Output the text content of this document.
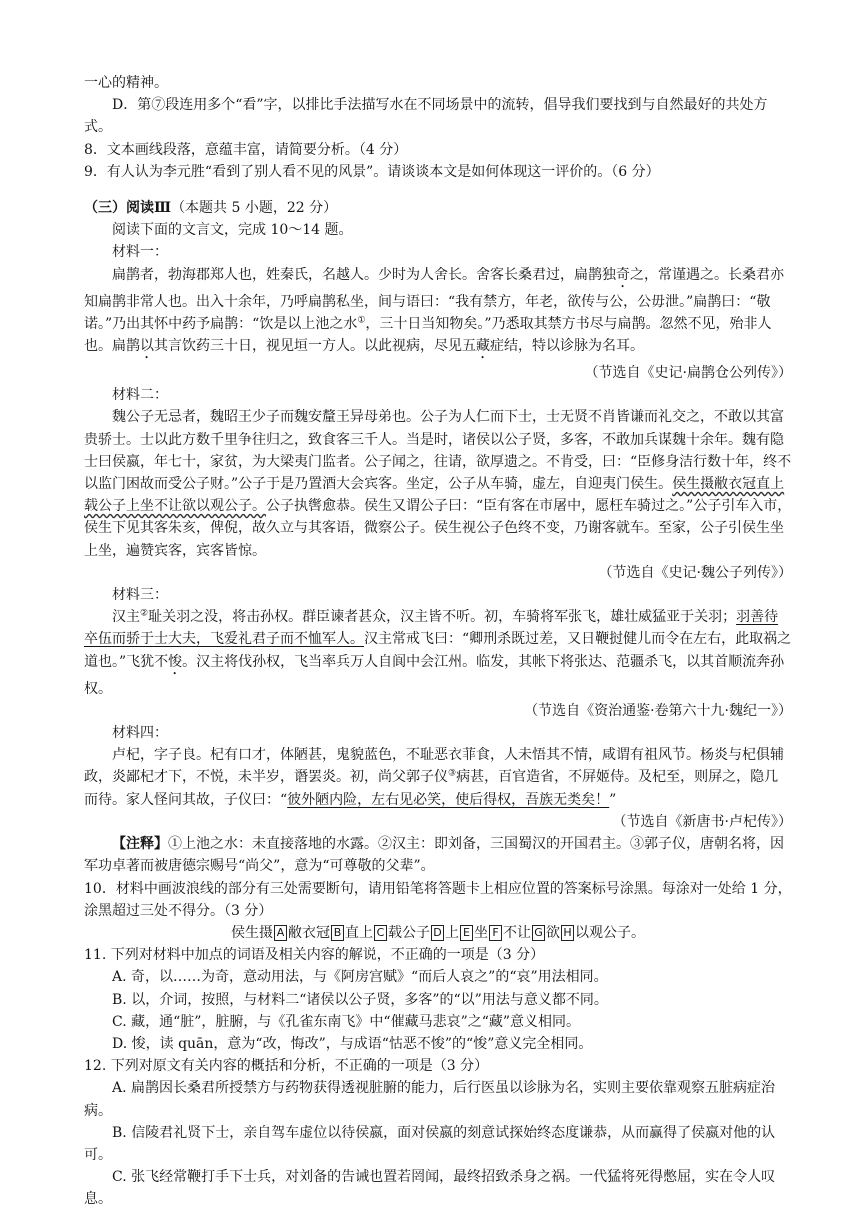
一心的精神。

D．第⑦段连用多个“看”字，以排比手法描写水在不同场景中的流转，倡导我们要找到与自然最好的共处方式。

8．文本画线段落，意蕴丰富，请简要分析。（4 分）

9．有人认为李元胜“看到了别人看不见的风景”。请谈谈本文是如何体现这一评价的。（6 分）

（三）阅读Ⅲ（本题共 5 小题，22 分）

阅读下面的文言文，完成 10～14 题。

材料一：

扁鹊者，勃海郡郑人也，姓秦氏，名越人。少时为人舍长。舍客长桑君过，扁鹊独奇之，常谨遇之。长桑君亦知扁鹊非常人也。出入十余年，乃呼扁鹊私坐，间与语曰：“我有禁方，年老，欲传与公，公毋泄。”扁鹊曰：“敬诺。”乃出其怀中药予扁鹊：“饮是以上池之水①，三十日当知物矣。”乃悉取其禁方书尽与扁鹊。忽然不见，殆非人也。扁鹊以其言饮药三十日，视见垣一方人。以此视病，尽见五藏症结，特以诊脉为名耳。

（节选自《史记·扁鹊仓公列传》）

材料二：

魏公子无忌者，魏昭王少子而魏安釐王异母弟也。公子为人仁而下士，士无贤不肖皆谦而礼交之，不敢以其富贵骄士。士以此方数千里争往归之，致食客三千人。当是时，诸侯以公子贤，多客，不敢加兵谋魏十余年。魏有隐士曰侯嬴，年七十，家贫，为大梁夷门监者。公子闻之，往请，欲厚遗之。不肯受，曰：“臣修身洁行数十年，终不以监门困故而受公子财。”公子于是乃置酒大会宾客。坐定，公子从车骑，虚左，自迎夷门侯生。侯生摄敝衣冠直上载公子上坐不让欲以观公子。公子执辔愈恭。侯生又谓公子曰：“臣有客在市屠中，愿枉车骑过之。”公子引车入市，侯生下见其客朱亥，俾倪，故久立与其客语，微察公子。侯生视公子色终不变，乃谢客就车。至家，公子引侯生坐上坐，遍赞宾客，宾客皆惊。

（节选自《史记·魏公子列传》）

材料三：

汉主②耻关羽之没，将击孙权。群臣谏者甚众，汉主皆不听。初，车骑将军张飞，雄壮威猛亚于关羽；羽善待卒伍而骄于士大夫，飞爱礼君子而不恤军人。汉主常戒飞曰：“卿刑杀既过差，又日鞭挝健儿而令在左右，此取祸之道也。”飞犹不悛。汉主将伐孙权，飞当率兵万人自阆中会江州。临发，其帐下将张达、范疆杀飞，以其首顺流奔孙权。

（节选自《资治通鉴·卷第六十九·魏纪一》）

材料四：

卢杞，字子良。杞有口才，体陋甚，鬼貌蓝色，不耻恶衣菲食，人未悟其不情，咸谓有祖风节。杨炎与杞俱辅政，炎鄙杞才下，不悦，未半岁，谮罢炎。初，尚父郭子仪③病甚，百官造省，不屏姬侍。及杞至，则屏之，隐几而待。家人怪问其故，子仪曰：“彼外陋内险，左右见必笑，使后得权，吾族无类矣！”

（节选自《新唐书·卢杞传》）

【注释】①上池之水：未直接落地的水露。②汉主：即刘备，三国蜀汉的开国君主。③郭子仪，唐朝名将，因军功卓著而被唐德宗赐号“尚父”，意为“可尊敬的父辈”。

10．材料中画波浪线的部分有三处需要断句，请用铅笔将答题卡上相应位置的答案标号涂黑。每涂对一处给 1 分，涂黑超过三处不得分。（3 分）

侯生摄 A 敝衣冠 B 直上 C 载公子 D 上 E 坐 F 不让 G 欲 H 以观公子。

11. 下列对材料中加点的词语及相关内容的解说，不正确的一项是（3 分）

A. 奇，以……为奇，意动用法，与《阿房宫赋》“而后人哀之”的“哀”用法相同。

B. 以，介词，按照，与材料二“诸侯以公子贤，多客”的“以”用法与意义都不同。

C. 藏，通“脏”，脏腑，与《孔雀东南飞》中“催藏马悲哀”之“藏”意义相同。

D. 悛，读 quān，意为“改，悔改”，与成语“怙恶不悛”的“悛”意义完全相同。

12. 下列对原文有关内容的概括和分析，不正确的一项是（3 分）

A. 扁鹊因长桑君所授禁方与药物获得透视脏腑的能力，后行医虽以诊脉为名，实则主要依靠观察五脏病症治病。

B. 信陵君礼贤下士，亲自驾车虚位以待侯嬴，面对侯嬴的刻意试探始终态度谦恭，从而赢得了侯嬴对他的认可。

C. 张飞经常鞭打手下士兵，对刘备的告诫也置若罔闻，最终招致杀身之祸。一代猛将死得憋屈，实在令人叹息。
